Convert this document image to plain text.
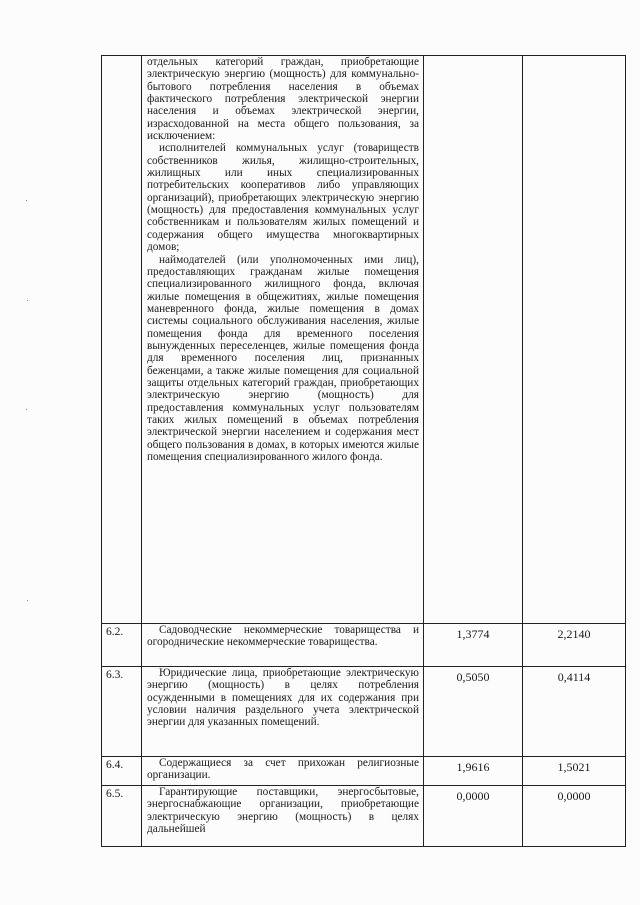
	отдельных категорий граждан, приобретающие электрическую энергию (мощность) для коммунально-бытового потребления населения в объемах фактического потребления электрической энергии населения и объемах электрической энергии, израсходованной на места общего пользования, за исключением:

исполнителей коммунальных услуг (товариществ собственников жилья, жилищно-строительных, жилищных или иных специализированных потребительских кооперативов либо управляющих организаций), приобретающих электрическую энергию (мощность) для предоставления коммунальных услуг собственникам и пользователям жилых помещений и содержания общего имущества многоквартирных домов;

наймодателей (или уполномоченных ими лиц), предоставляющих гражданам жилые помещения специализированного жилищного фонда, включая жилые помещения в общежитиях, жилые помещения маневренного фонда, жилые помещения в домах системы социального обслуживания населения, жилые помещения фонда для временного поселения вынужденных переселенцев, жилые помещения фонда для временного поселения лиц, признанных беженцами, а также жилые помещения для социальной защиты отдельных категорий граждан, приобретающих электрическую энергию (мощность) для предоставления коммунальных услуг пользователям таких жилых помещений в объемах потребления электрической энергии населением и содержания мест общего пользования в домах, в которых имеются жилые помещения специализированного жилого фонда.		

6.2.	Садоводческие некоммерческие товарищества и огороднические некоммерческие товарищества.	1,3774	2,2140
6.3.	Юридические лица, приобретающие электрическую энергию (мощность) в целях потребления осужденными в помещениях для их содержания при условии наличия раздельного учета электрической энергии для указанных помещений.	0,5050	0,4114
6.4.	Содержащиеся за счет прихожан религиозные организации.	1,9616	1,5021
6.5.	Гарантирующие поставщики, энергосбытовые, энергоснабжающие организации, приобретающие электрическую энергию (мощность) в целях дальнейшей	0,0000	0,0000
